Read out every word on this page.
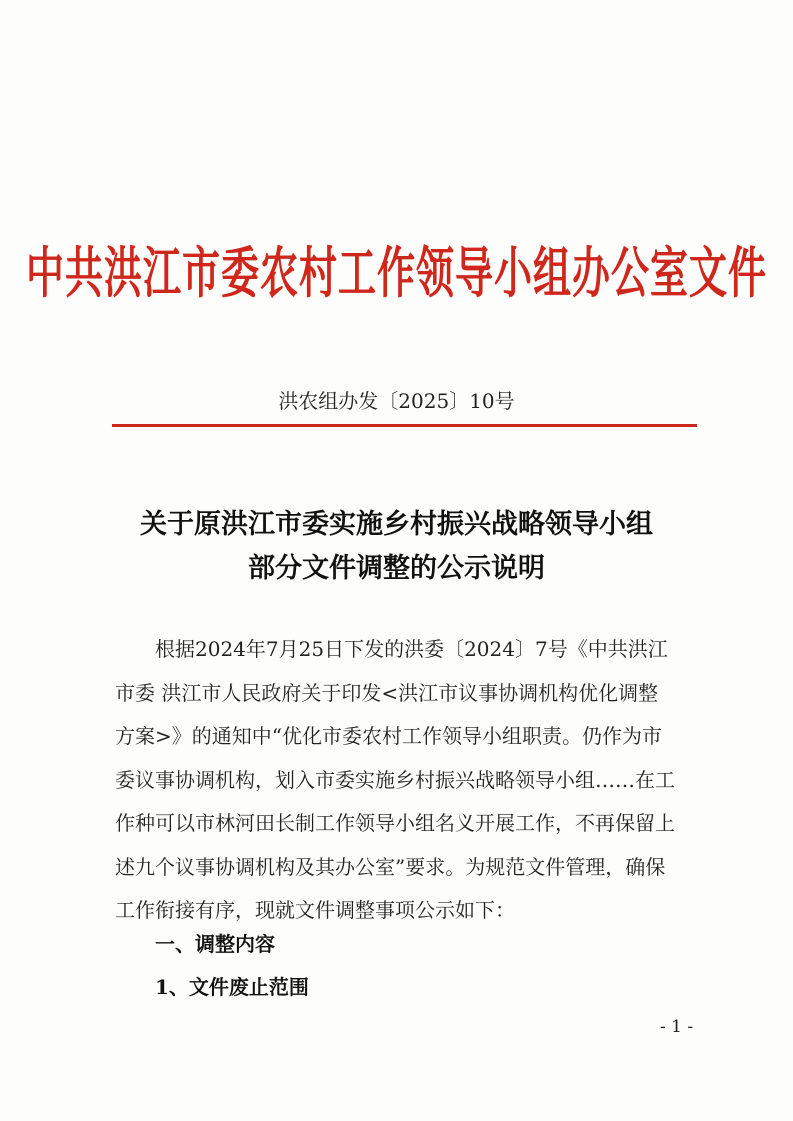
中共洪江市委农村工作领导小组办公室文件
洪农组办发〔2025〕10号
关于原洪江市委实施乡村振兴战略领导小组
部分文件调整的公示说明
根据2024年7月25日下发的洪委〔2024〕7号《中共洪江
市委 洪江市人民政府关于印发<洪江市议事协调机构优化调整
方案>》的通知中“优化市委农村工作领导小组职责。仍作为市
委议事协调机构，划入市委实施乡村振兴战略领导小组……在工
作种可以市林河田长制工作领导小组名义开展工作，不再保留上
述九个议事协调机构及其办公室”要求。为规范文件管理，确保
工作衔接有序，现就文件调整事项公示如下：
一、调整内容
1、文件废止范围
- 1 -
